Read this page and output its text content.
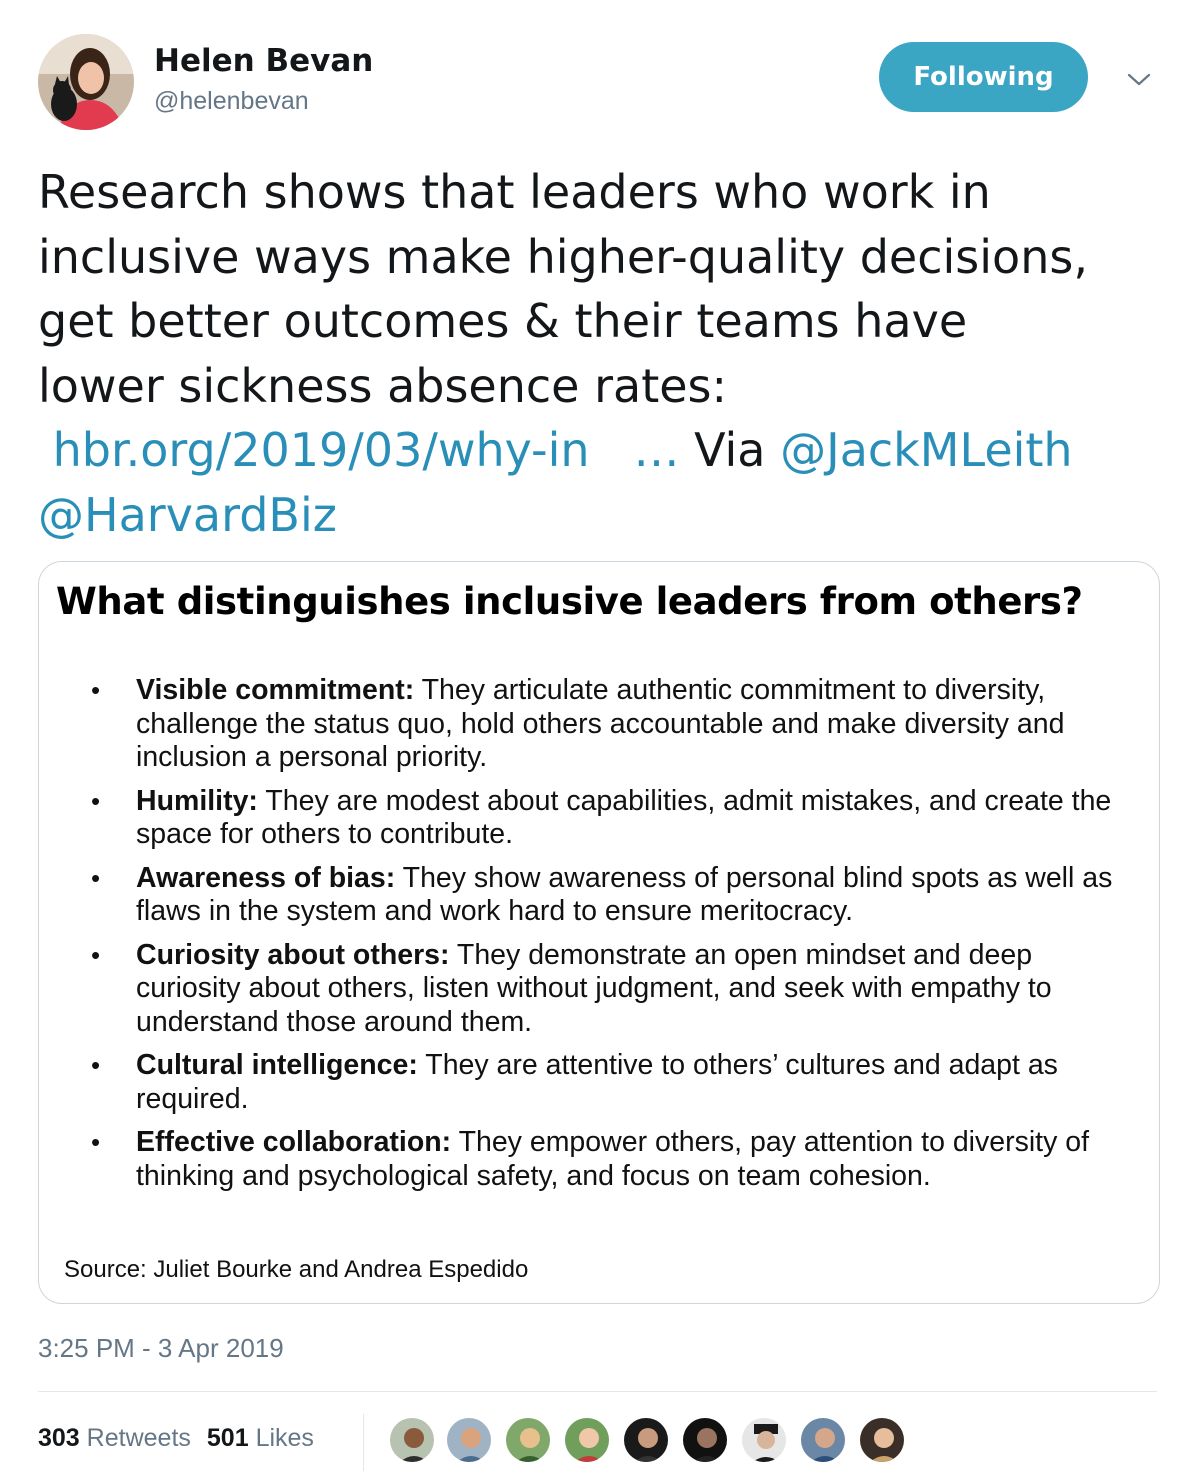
Helen Bevan
@helenbevan
Following
Research shows that leaders who work in
inclusive ways make higher-quality decisions,
get better outcomes & their teams have
lower sickness absence rates:
hbr.org/2019/03/why-in … Via @JackMLeith
@HarvardBiz
What distinguishes inclusive leaders from others?
• Visible commitment: They articulate authentic commitment to diversity, challenge the status quo, hold others accountable and make diversity and inclusion a personal priority.
• Humility: They are modest about capabilities, admit mistakes, and create the space for others to contribute.
• Awareness of bias: They show awareness of personal blind spots as well as flaws in the system and work hard to ensure meritocracy.
• Curiosity about others: They demonstrate an open mindset and deep curiosity about others, listen without judgment, and seek with empathy to understand those around them.
• Cultural intelligence: They are attentive to others’ cultures and adapt as required.
• Effective collaboration: They empower others, pay attention to diversity of thinking and psychological safety, and focus on team cohesion.
Source: Juliet Bourke and Andrea Espedido
3:25 PM - 3 Apr 2019
303 Retweets 501 Likes
